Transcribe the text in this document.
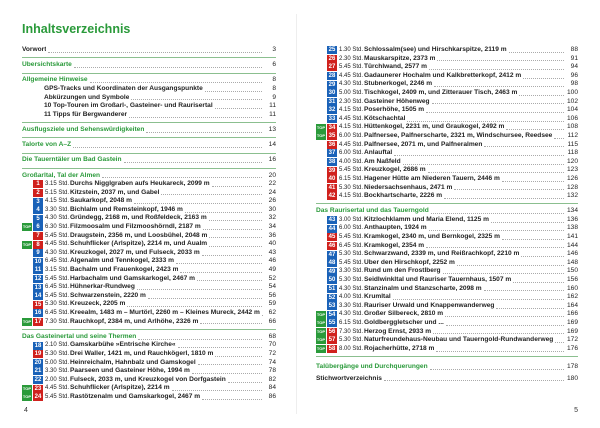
Inhaltsverzeichnis
Vorwort	3
Übersichtskarte	6
Allgemeine Hinweise	8
GPS-Tracks und Koordinaten der Ausgangspunkte	8
Abkürzungen und Symbole	9
10 Top-Touren im Großarl-, Gasteiner- und Raurisertal	11
11 Tipps für Bergwanderer	11
Ausflugsziele und Sehenswürdigkeiten	13
Talorte von A–Z	14
Die Tauerntäler um Bad Gastein	16
Großarltal, Tal der Almen	20
1 3.15 Std. Durchs Nigglgraben aufs Heukareck, 2099 m	22
2 5.15 Std. Kitzstein, 2037 m, und Gabel	24
3 4.15 Std. Saukarkopf, 2048 m	26
4 3.30 Std. Bichlalm und Remsteinkopf, 1946 m	30
5 4.30 Std. Gründegg, 2168 m, und Roßfeldeck, 2163 m	32
TOP 6 6.30 Std. Filzmoosalm und Filzmooshörndl, 2187 m	34
7 5.45 Std. Draugstein, 2356 m, und Loosbühel, 2048 m	36
TOP 8 4.45 Std. Schuhflicker (Arlspitze), 2214 m, und Aualm	40
9 4.30 Std. Kreuzkogel, 2027 m, und Fulseck, 2033 m	43
10 6.45 Std. Algenalm und Tennkogel, 2333 m	46
11 3.15 Std. Bachalm und Frauenkogel, 2423 m	49
12 5.45 Std. Harbachalm und Gamskarkogel, 2467 m	52
13 6.45 Std. Hühnerkar-Rundweg	54
14 5.45 Std. Schwarzenstein, 2220 m	56
15 5.30 Std. Kreuzeck, 2205 m	59
16 6.45 Std. Kreealm, 1483 m – Murtörl, 2260 m – Kleines Mureck, 2442 m	62
TOP 17 7.30 Std. Rauchkopf, 2384 m, und Arlhöhe, 2326 m	66
Das Gasteinertal und seine Thermen	68
18 2.10 Std. Gamskarbühe »Entrische Kirche«	70
19 5.30 Std. Drei Waller, 1421 m, und Rauchkögerl, 1810 m	72
20 5.00 Std. Heinreichalm, Hahnbalz und Gamskogel	74
21 3.30 Std. Paarseen und Gasteiner Höhe, 1994 m	78
22 2.00 Std. Fulseck, 2033 m, und Kreuzkogel von Dorfgastein	82
TOP 23 4.45 Std. Schuhflicker (Arlspitze), 2214 m	84
TOP 24 5.45 Std. Rastötzenalm und Gamskarkogel, 2467 m	86
25 1.30 Std. Schlossalm(see) und Hirschkarspitze, 2119 m	88
26 2.30 Std. Mauskarspitze, 2373 m	91
27 5.45 Std. Türchlwand, 2577 m	94
28 4.45 Std. Gadaunerer Hochalm und Kalkbretterkopf, 2412 m	96
29 4.30 Std. Stubnerkogel, 2246 m	98
30 5.00 Std. Tischkogel, 2409 m, und Zitterauer Tisch, 2463 m	100
31 2.30 Std. Gasteiner Höhenweg	102
32 4.15 Std. Poserhöhe, 1505 m	104
33 4.45 Std. Kötschachtal	106
TOP 34 4.15 Std. Hüttenkogel, 2231 m, und Graukogel, 2492 m	108
TOP 35 6.00 Std. Palfnersee, Palfnerscharte, 2321 m, Windschursee, Reedsee 112
36 4.45 Std. Palfnersee, 2071 m, und Palfneralmen	115
37 6.00 Std. Anlauftal	118
38 4.00 Std. Am Naßfeld	120
39 5.45 Std. Kreuzkogel, 2686 m	123
40 6.15 Std. Hagener Hütte am Niederen Tauern, 2446 m	126
41 5.30 Std. Niedersachsenhaus, 2471 m	128
42 4.15 Std. Bockhartscharte, 2226 m	132
Das Raurisertal und das Tauerngold	134
43 3.00 Std. Kitzlochklamm und Maria Elend, 1125 m	136
44 6.00 Std. Anthaupten, 1924 m	138
45 5.45 Std. Kramkogel, 2340 m, und Bernkogel, 2325 m	141
46 6.45 Std. Kramkogel, 2354 m	144
47 5.30 Std. Schwarzwand, 2339 m, und Reißrachkopf, 2210 m	146
48 5.45 Std. Über den Hirschkopf, 2252 m	148
49 3.30 Std. Rund um den Frostlberg	150
50 5.30 Std. Seidlwinkltal und Rauriser Tauernhaus, 1507 m	156
51 4.30 Std. Stanzinalm und Stanzscharte, 2098 m	160
52 4.00 Std. Krumltal	162
53 3.30 Std. Rauriser Urwald und Knappenwanderweg	164
TOP 54 4.30 Std. Großer Silbereck, 2810 m	166
TOP 55 6.15 Std. Goldberggletscher und ...	169
TOP 56 7.30 Std. Herzog Ernst, 2933 m	169
TOP 57 5.30 Std. Naturfreundehaus-Neubau und Tauerngold-Rundwanderweg 172
TOP 58 8.00 Std. Rojacherhütte, 2718 m	176
Talübergänge und Durchquerungen	178
Stichwortverzeichnis	180
4	5
